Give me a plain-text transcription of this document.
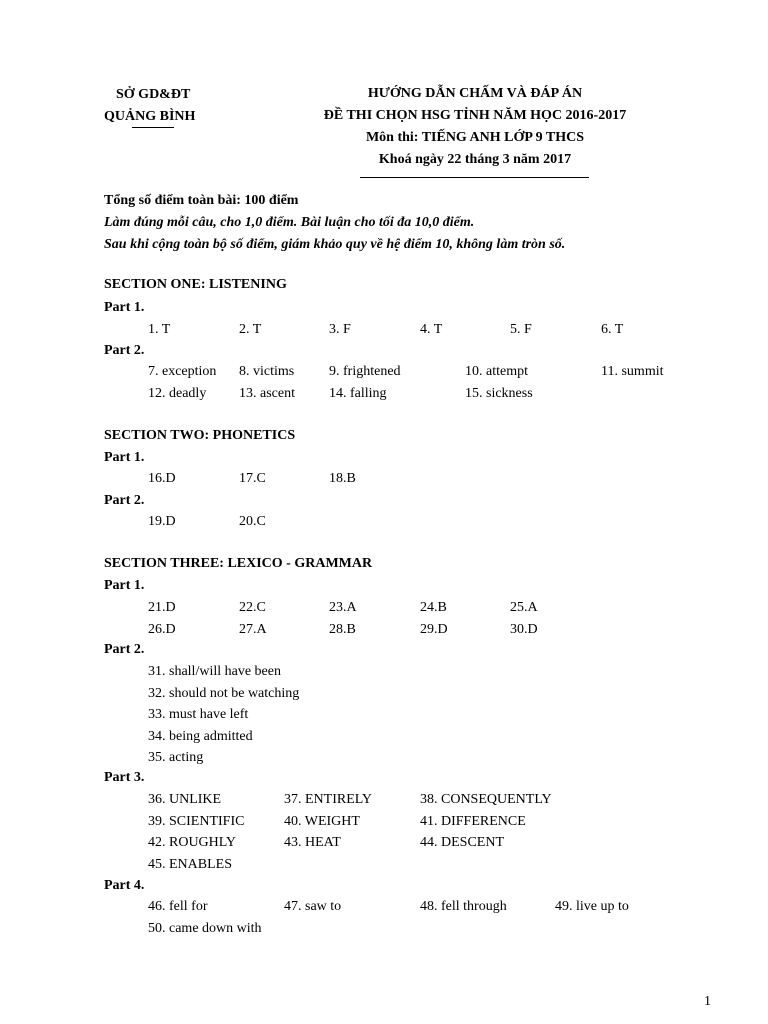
SỞ GD&ĐT
QUẢNG BÌNH
HƯỚNG DẪN CHẤM VÀ ĐÁP ÁN
ĐỀ THI CHỌN HSG TỈNH NĂM HỌC 2016-2017
Môn thi: TIẾNG ANH LỚP 9 THCS
Khoá ngày 22 tháng 3 năm 2017
Tổng số điểm toàn bài: 100 điểm
Làm đúng mỗi câu, cho 1,0 điểm. Bài luận cho tối đa 10,0 điểm.
Sau khi cộng toàn bộ số điểm, giám khảo quy về hệ điểm 10, không làm tròn số.
SECTION ONE: LISTENING
Part 1.
Part 2.
SECTION TWO: PHONETICS
Part 1.
Part 2.
SECTION THREE: LEXICO - GRAMMAR
Part 1.
Part 2.
Part 3.
Part 4.
1. T	2. T	3. F	4. T	5. F	6. T
7. exception 8. victims 9. frightened	10. attempt	11. summit
12. deadly 13. ascent 14. falling	15. sickness
16.D	17.C	18.B
19.D	20.C
21.D	22.C	23.A	24.B	25.A
26.D	27.A	28.B	29.D	30.D
31. shall/will have been
32. should not be watching
33. must have left
34. being admitted
35. acting
36. UNLIKE	37. ENTIRELY	38. CONSEQUENTLY
39. SCIENTIFIC	40. WEIGHT	41. DIFFERENCE
42. ROUGHLY	43. HEAT	44. DESCENT
45. ENABLES
46. fell for	47. saw to	48. fell through	49. live up to
50. came down with
1
